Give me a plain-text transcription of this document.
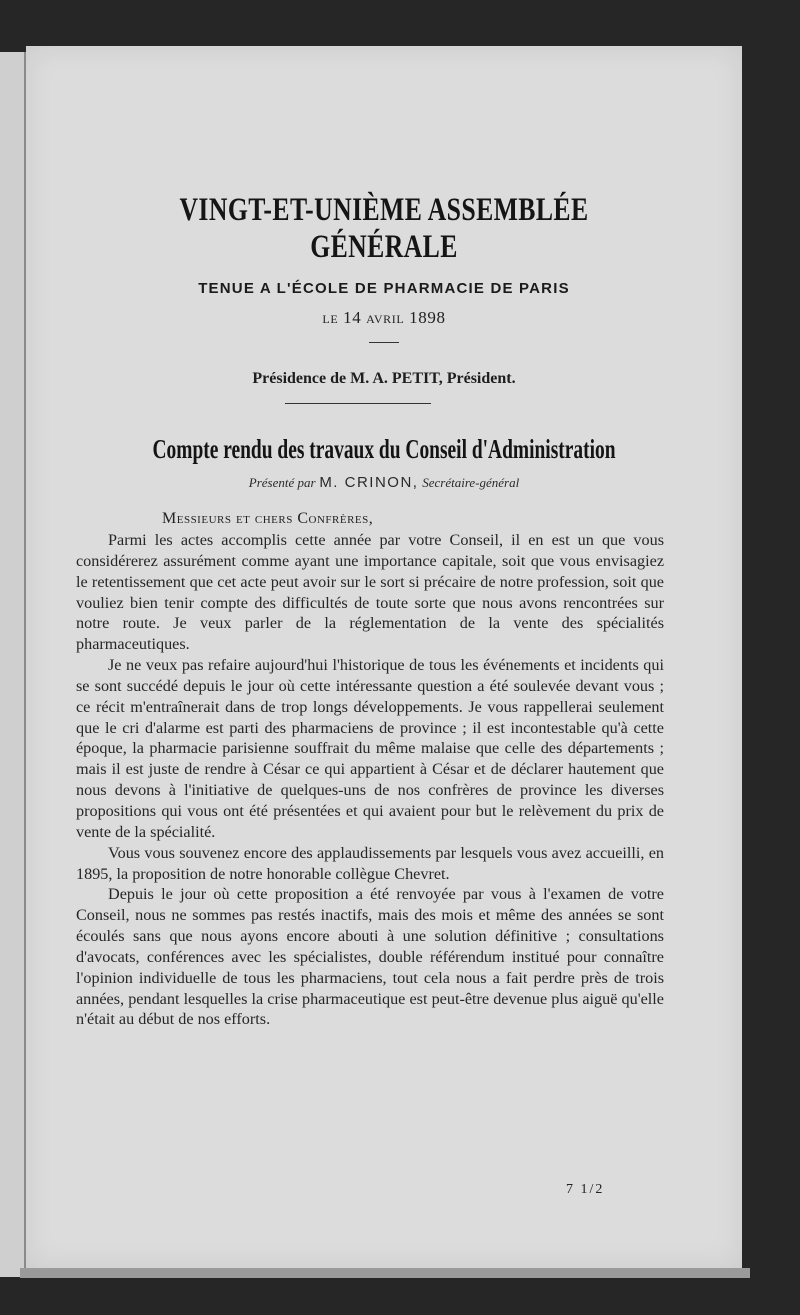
VINGT-ET-UNIÈME ASSEMBLÉE GÉNÉRALE
TENUE A L'ÉCOLE DE PHARMACIE DE PARIS
le 14 avril 1898
Présidence de M. A. PETIT, Président.
Compte rendu des travaux du Conseil d'Administration
Présenté par M. CRINON, Secrétaire-général
Messieurs et chers Confrères,

Parmi les actes accomplis cette année par votre Conseil, il en est un que vous considérerez assurément comme ayant une importance capitale, soit que vous envisagiez le retentissement que cet acte peut avoir sur le sort si précaire de notre profession, soit que vouliez bien tenir compte des difficultés de toute sorte que nous avons rencontrées sur notre route. Je veux parler de la réglementation de la vente des spécialités pharmaceutiques.

Je ne veux pas refaire aujourd'hui l'historique de tous les événements et incidents qui se sont succédé depuis le jour où cette intéressante question a été soulevée devant vous ; ce récit m'entraînerait dans de trop longs développements. Je vous rappellerai seulement que le cri d'alarme est parti des pharmaciens de province ; il est incontestable qu'à cette époque, la pharmacie parisienne souffrait du même malaise que celle des départements ; mais il est juste de rendre à César ce qui appartient à César et de déclarer hautement que nous devons à l'initiative de quelques-uns de nos confrères de province les diverses propositions qui vous ont été présentées et qui avaient pour but le relèvement du prix de vente de la spécialité.

Vous vous souvenez encore des applaudissements par lesquels vous avez accueilli, en 1895, la proposition de notre honorable collègue Chevret.

Depuis le jour où cette proposition a été renvoyée par vous à l'examen de votre Conseil, nous ne sommes pas restés inactifs, mais des mois et même des années se sont écoulés sans que nous ayons encore abouti à une solution définitive ; consultations d'avocats, conférences avec les spécialistes, double référendum institué pour connaître l'opinion individuelle de tous les pharmaciens, tout cela nous a fait perdre près de trois années, pendant lesquelles la crise pharmaceutique est peut-être devenue plus aiguë qu'elle n'était au début de nos efforts.

7 1/2
